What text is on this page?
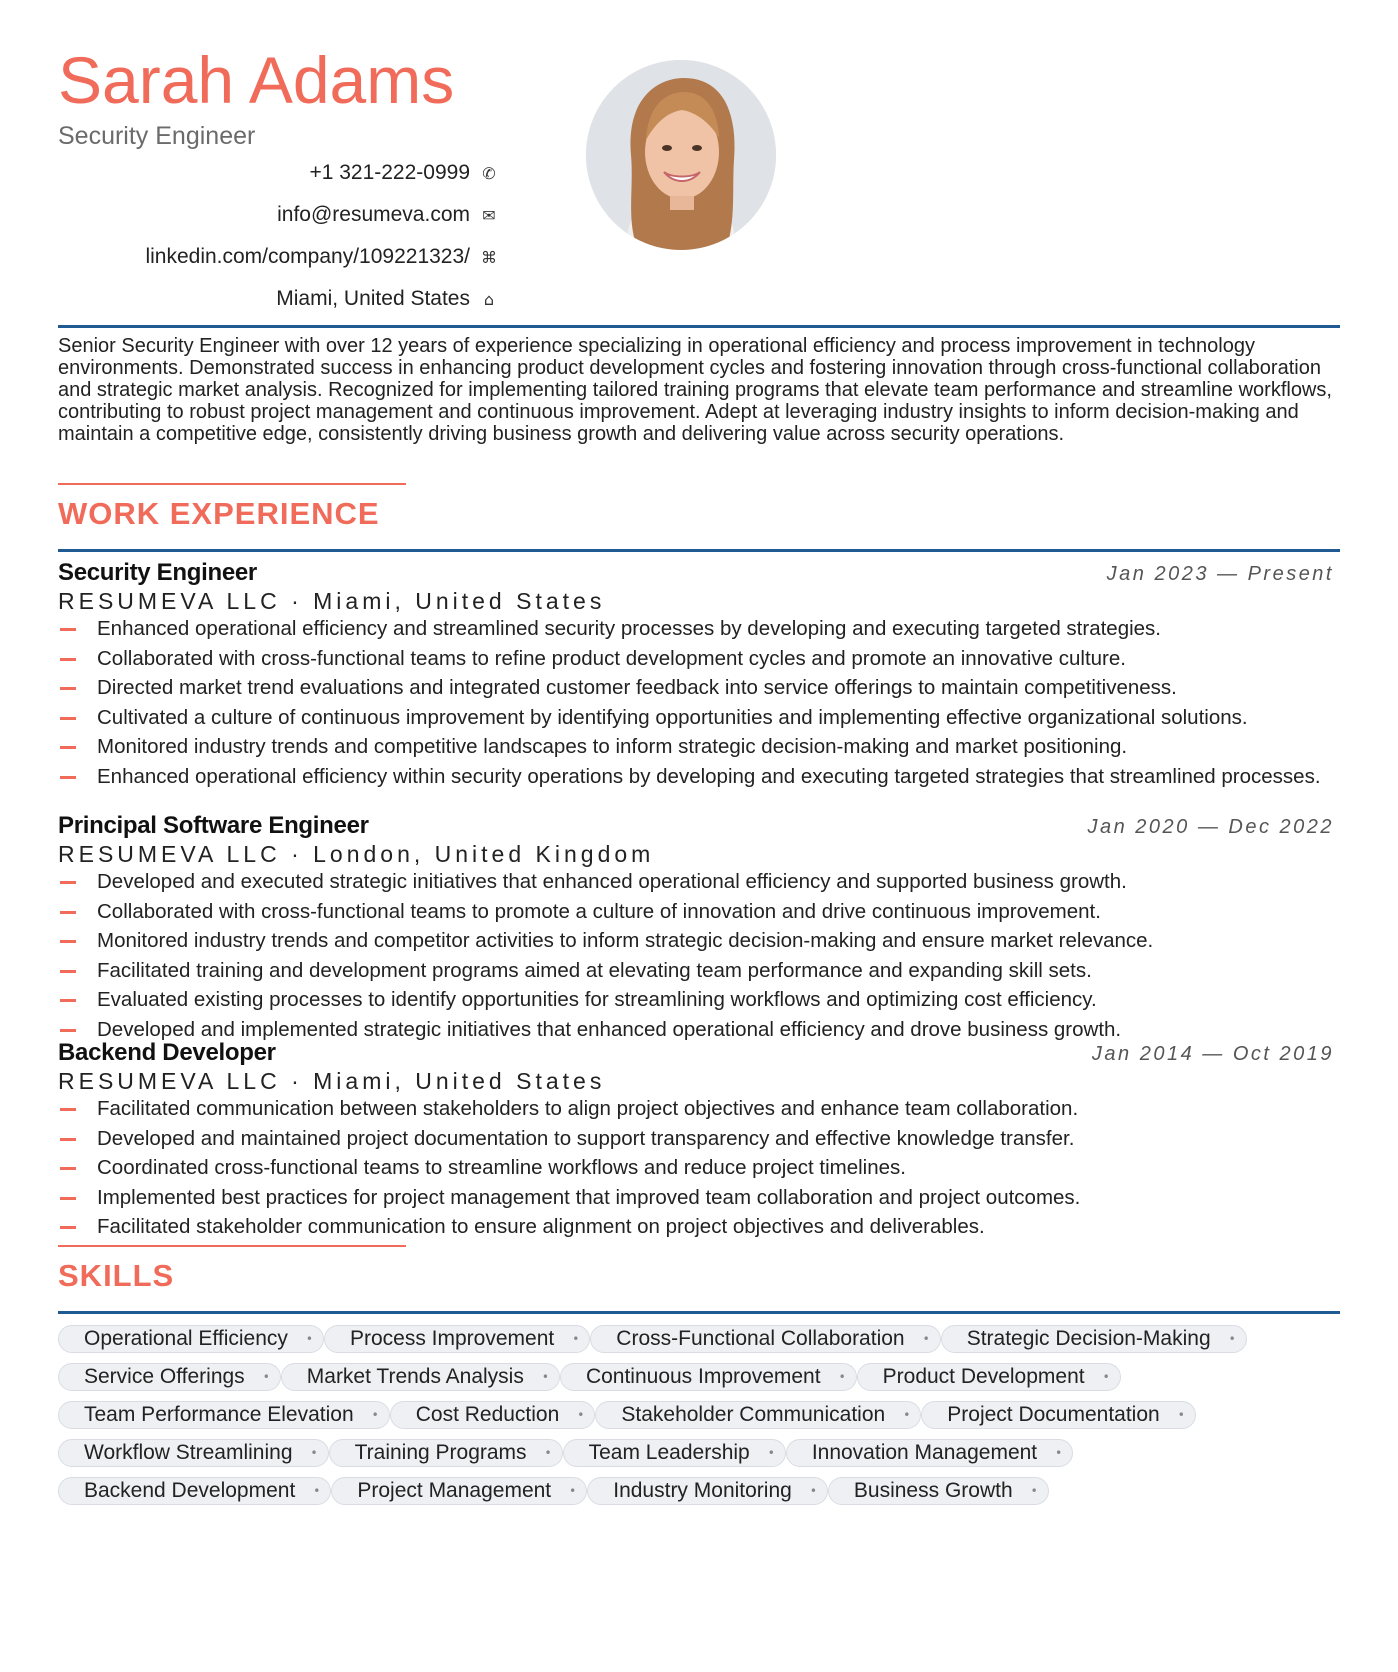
Sarah Adams
Security Engineer
+1 321-222-0999 ✆
info@resumeva.com ✉
linkedin.com/company/109221323/ ⌘
Miami, United States ⌂

Senior Security Engineer with over 12 years of experience specializing in operational efficiency and process improvement in technology environments. Demonstrated success in enhancing product development cycles and fostering innovation through cross-functional collaboration and strategic market analysis. Recognized for implementing tailored training programs that elevate team performance and streamline workflows, contributing to robust project management and continuous improvement. Adept at leveraging industry insights to inform decision-making and maintain a competitive edge, consistently driving business growth and delivering value across security operations.

WORK EXPERIENCE
Security Engineer	Jan 2023 — Present
RESUMEVA LLC · Miami, United States
Enhanced operational efficiency and streamlined security processes by developing and executing targeted strategies.
Collaborated with cross-functional teams to refine product development cycles and promote an innovative culture.
Directed market trend evaluations and integrated customer feedback into service offerings to maintain competitiveness.
Cultivated a culture of continuous improvement by identifying opportunities and implementing effective organizational solutions.
Monitored industry trends and competitive landscapes to inform strategic decision-making and market positioning.
Enhanced operational efficiency within security operations by developing and executing targeted strategies that streamlined processes.
Principal Software Engineer	Jan 2020 — Dec 2022
RESUMEVA LLC · London, United Kingdom
Developed and executed strategic initiatives that enhanced operational efficiency and supported business growth.
Collaborated with cross-functional teams to promote a culture of innovation and drive continuous improvement.
Monitored industry trends and competitor activities to inform strategic decision-making and ensure market relevance.
Facilitated training and development programs aimed at elevating team performance and expanding skill sets.
Evaluated existing processes to identify opportunities for streamlining workflows and optimizing cost efficiency.
Developed and implemented strategic initiatives that enhanced operational efficiency and drove business growth.
Backend Developer	Jan 2014 — Oct 2019
RESUMEVA LLC · Miami, United States
Facilitated communication between stakeholders to align project objectives and enhance team collaboration.
Developed and maintained project documentation to support transparency and effective knowledge transfer.
Coordinated cross-functional teams to streamline workflows and reduce project timelines.
Implemented best practices for project management that improved team collaboration and project outcomes.
Facilitated stakeholder communication to ensure alignment on project objectives and deliverables.
SKILLS
Operational Efficiency • Process Improvement • Cross-Functional Collaboration • Strategic Decision-Making •
Service Offerings • Market Trends Analysis • Continuous Improvement • Product Development •
Team Performance Elevation • Cost Reduction • Stakeholder Communication • Project Documentation •
Workflow Streamlining • Training Programs • Team Leadership • Innovation Management •
Backend Development • Project Management • Industry Monitoring • Business Growth •
